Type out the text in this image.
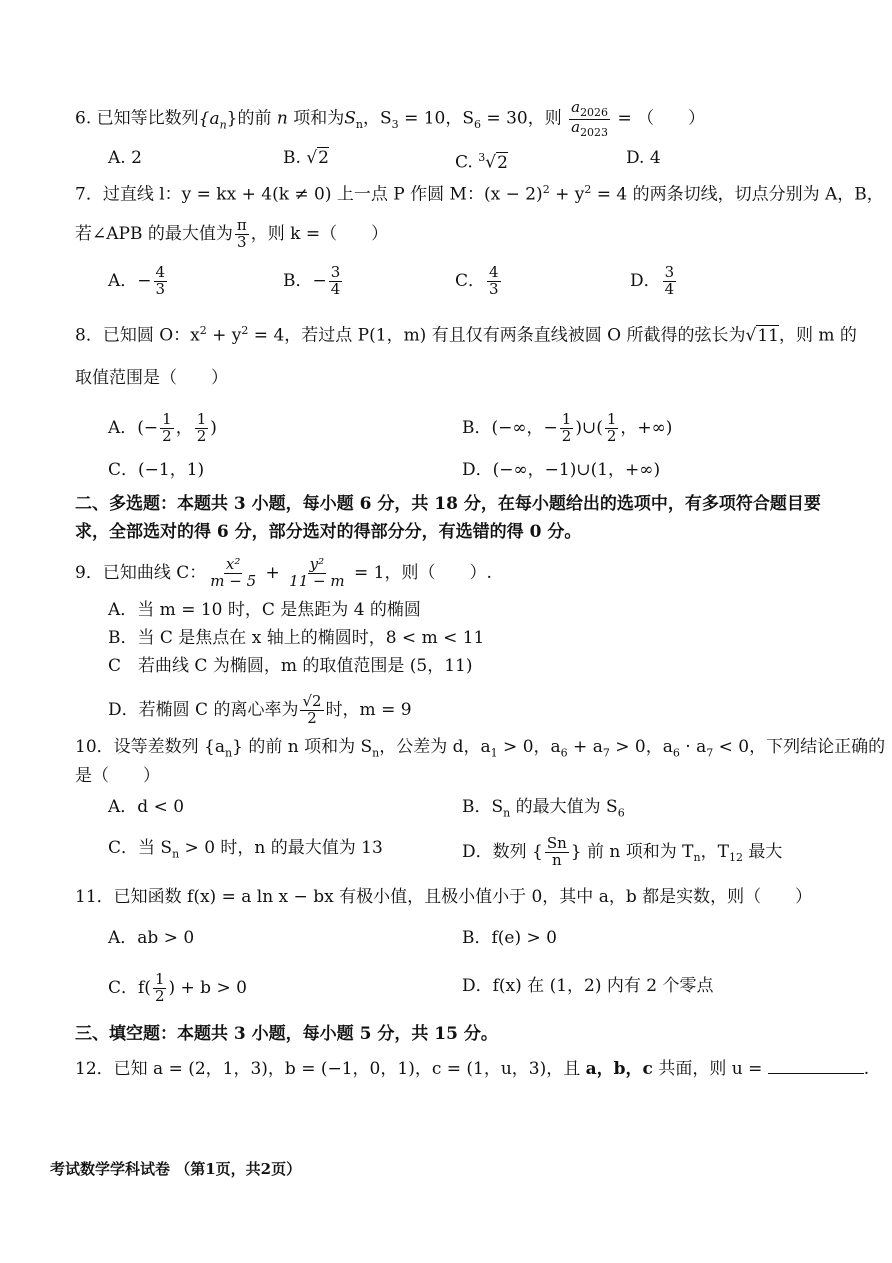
6. 已知等比数列$\{a_n\}$的前 n 项和为$S_n$，$S_3 = 10$，$S_6 = 30$，则 $\frac{a_{2026}}{a_{2023}}$ = （　　）
A. 2	B. √2	C. $^3$√2	D. 4
7．过直线 l：y = kx + 4(k ≠ 0) 上一点 P 作圆 M：$(x - 2)^2 + y^2 = 4$ 的两条切线，切点分别为 A，B，
若∠APB 的最大值为 $\frac{\pi}{3}$ ，则 k =（　　）
A．− $\frac{4}{3}$	B．− $\frac{3}{4}$	C． $\frac{4}{3}$	D． $\frac{3}{4}$
8．已知圆 O：$x^2 + y^2 = 4$，若过点 P(1，m) 有且仅有两条直线被圆 O 所截得的弦长为√11，则 m 的
取值范围是（　　）
A．(− $\frac{1}{2}$ ， $\frac{1}{2}$ )	B．(−∞，− $\frac{1}{2}$ )∪( $\frac{1}{2}$ ，+∞)
C．(−1，1)	D．(−∞，−1)∪(1，+∞)
二、多选题：本题共 3 小题，每小题 6 分，共 18 分，在每小题给出的选项中，有多项符合题目要
求，全部选对的得 6 分，部分选对的得部分分，有选错的得 0 分。
9．已知曲线 C： $\frac{\text{x²}}{m - 5} + \frac{\text{y²}}{11 - m} = 1$，则（　　）.
A．当 m = 10 时，C 是焦距为 4 的椭圆
B．当 C 是焦点在 x 轴上的椭圆时，8 < m < 11
C　若曲线 C 为椭圆，m 的取值范围是 (5，11)
D．若椭圆 C 的离心率为 $\frac{√2}{2}$ 时，m = 9
10．设等差数列 $\{a_n\}$ 的前 n 项和为 $S_n$，公差为 d，$a_1 > 0$，$a_6 + a_7 > 0$，$a_6 \cdot a_7 < 0$，下列结论正确的
是（　　）
A．d < 0	B．$S_n$ 的最大值为 $S_6$
C．当 $S_n > 0$ 时，n 的最大值为 13	D．数列 { $\frac{Sn}{n}$ } 前 n 项和为 $T_n$，$T_{12}$ 最大
11．已知函数 f(x) = a ln x − bx 有极小值，且极小值小于 0，其中 a，b 都是实数，则（　　）
A．ab > 0	B．f(e) > 0
C．$f( \frac{1}{2}$ ) + b > 0	D．f(x) 在 (1，2) 内有 2 个零点
三、填空题：本题共 3 小题，每小题 5 分，共 15 分。
12．已知 a = (2，1，3)，b = (−1，0，1)，c = (1，u，3)，且 a，b，c 共面，则 u =	.
考试数学学科试卷 （第1页，共2页）
